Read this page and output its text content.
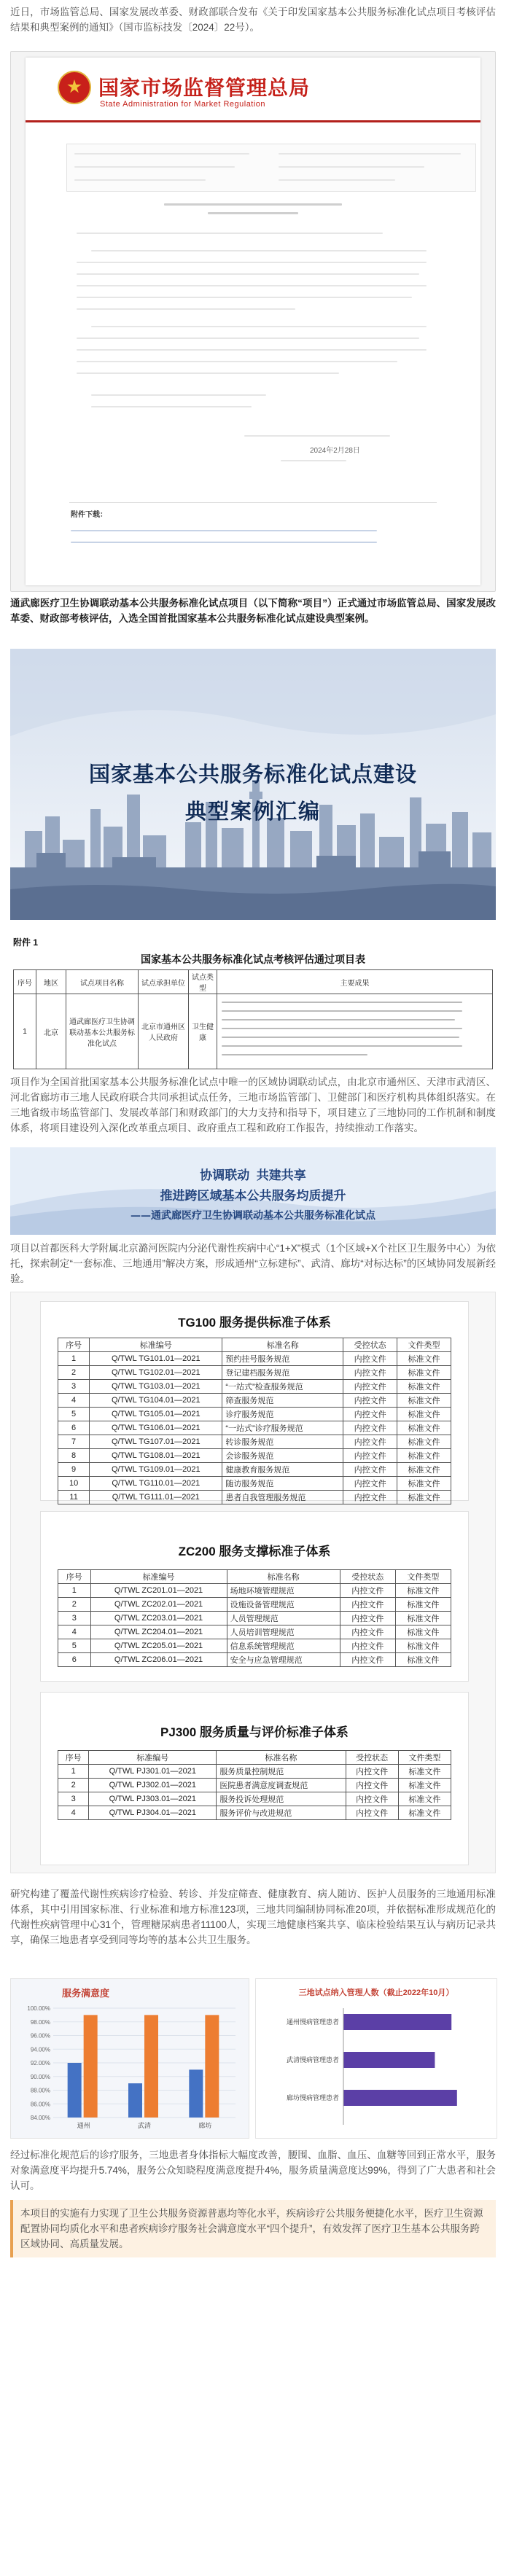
近日，市场监管总局、国家发展改革委、财政部联合发布《关于印发国家基本公共服务标准化试点项目考核评估结果和典型案例的通知》（国市监标技发〔2024〕22号）。
国家市场监督管理总局
State Administration for Market Regulation
2024年2月28日
附件下载：
通武廊医疗卫生协调联动基本公共服务标准化试点项目（以下简称“项目”）正式通过市场监管总局、国家发展改革委、财政部考核评估，入选全国首批国家基本公共服务标准化试点建设典型案例。
国家基本公共服务标准化试点建设
典型案例汇编
附件 1
国家基本公共服务标准化试点考核评估通过项目表
序号	地区	试点项目名称	试点承担单位	试点类型	主要成果
1	北京	通武廊医疗卫生协调联动基本公共服务标准化试点	北京市通州区人民政府	卫生健康	
项目作为全国首批国家基本公共服务标准化试点中唯一的区域协调联动试点，由北京市通州区、天津市武清区、河北省廊坊市三地人民政府联合共同承担试点任务，三地市场监管部门、卫健部门和医疗机构具体组织落实。在三地省级市场监管部门、发展改革部门和财政部门的大力支持和指导下，项目建立了三地协同的工作机制和制度体系，将项目建设列入深化改革重点项目、政府重点工程和政府工作报告，持续推动工作落实。
协调联动  共建共享
推进跨区域基本公共服务均质提升
——通武廊医疗卫生协调联动基本公共服务标准化试点
项目以首都医科大学附属北京潞河医院内分泌代谢性疾病中心“1+X”模式（1个区域+X个社区卫生服务中心）为依托，探索制定“一套标准、三地通用”解决方案，形成通州“立标建标”、武清、廊坊“对标达标”的区域协同发展新经验。
TG100 服务提供标准子体系
序号	标准编号	标准名称	受控状态	文件类型
1	Q/TWL TG101.01—2021	预约挂号服务规范	内控文件	标准文件
2	Q/TWL TG102.01—2021	登记建档服务规范	内控文件	标准文件
3	Q/TWL TG103.01—2021	“一站式”检查服务规范	内控文件	标准文件
4	Q/TWL TG104.01—2021	筛查服务规范	内控文件	标准文件
5	Q/TWL TG105.01—2021	诊疗服务规范	内控文件	标准文件
6	Q/TWL TG106.01—2021	“一站式”诊疗服务规范	内控文件	标准文件
7	Q/TWL TG107.01—2021	转诊服务规范	内控文件	标准文件
8	Q/TWL TG108.01—2021	会诊服务规范	内控文件	标准文件
9	Q/TWL TG109.01—2021	健康教育服务规范	内控文件	标准文件
10	Q/TWL TG110.01—2021	随访服务规范	内控文件	标准文件
11	Q/TWL TG111.01—2021	患者自我管理服务规范	内控文件	标准文件
ZC200 服务支撑标准子体系
序号	标准编号	标准名称	受控状态	文件类型
1	Q/TWL ZC201.01—2021	场地环境管理规范	内控文件	标准文件
2	Q/TWL ZC202.01—2021	设施设备管理规范	内控文件	标准文件
3	Q/TWL ZC203.01—2021	人员管理规范	内控文件	标准文件
4	Q/TWL ZC204.01—2021	人员培训管理规范	内控文件	标准文件
5	Q/TWL ZC205.01—2021	信息系统管理规范	内控文件	标准文件
6	Q/TWL ZC206.01—2021	安全与应急管理规范	内控文件	标准文件
PJ300 服务质量与评价标准子体系
序号	标准编号	标准名称	受控状态	文件类型
1	Q/TWL PJ301.01—2021	服务质量控制规范	内控文件	标准文件
2	Q/TWL PJ302.01—2021	医院患者满意度调查规范	内控文件	标准文件
3	Q/TWL PJ303.01—2021	服务投诉处理规范	内控文件	标准文件
4	Q/TWL PJ304.01—2021	服务评价与改进规范	内控文件	标准文件
研究构建了覆盖代谢性疾病诊疗检验、转诊、并发症筛查、健康教育、病人随访、医护人员服务的三地通用标准体系，其中引用国家标准、行业标准和地方标准123项，三地共同编制协同标准20项，并依据标准形成规范化的代谢性疾病管理中心31个，管理糖尿病患者11100人，实现三地健康档案共享、临床检验结果互认与病历记录共享，确保三地患者享受到同等均等的基本公共卫生服务。
服务满意度
100.00%
98.00%
96.00%
94.00%
92.00%
90.00%
88.00%
86.00%
84.00%
通州	武清	廊坊
三地试点纳入管理人数（截止2022年10月）
通州慢病管理患者
武清慢病管理患者
廊坊慢病管理患者
经过标准化规范后的诊疗服务，三地患者身体指标大幅度改善，腰围、血脂、血压、血糖等回到正常水平，服务对象满意度平均提升5.74%，服务公众知晓程度满意度提升4%，服务质量满意度达99%，得到了广大患者和社会认可。
本项目的实施有力实现了卫生公共服务资源普惠均等化水平，疾病诊疗公共服务便捷化水平，医疗卫生资源配置协同均质化水平和患者疾病诊疗服务社会满意度水平“四个提升”，有效发挥了医疗卫生基本公共服务跨区域协同、高质量发展。
